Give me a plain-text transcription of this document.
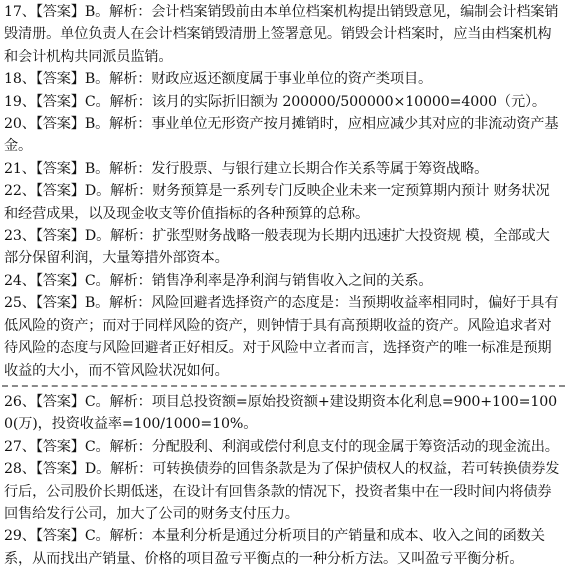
17、【答案】B。解析：会计档案销毁前由本单位档案机构提出销毁意见，编制会计档案销毁清册。单位负责人在会计档案销毁清册上签署意见。销毁会计档案时，应当由档案机构和会计机构共同派员监销。

18、【答案】B。解析：财政应返还额度属于事业单位的资产类项目。

19、【答案】C。解析：该月的实际折旧额为 200000/500000×10000=4000（元）。

20、【答案】B。解析：事业单位无形资产按月摊销时，应相应减少其对应的非流动资产基金。

21、【答案】B。解析：发行股票、与银行建立长期合作关系等属于筹资战略。

22、【答案】D。解析：财务预算是一系列专门反映企业未来一定预算期内预计 财务状况和经营成果，以及现金收支等价值指标的各种预算的总称。

23、【答案】D。解析：扩张型财务战略一般表现为长期内迅速扩大投资规 模，全部或大部分保留利润，大量筹措外部资本。

24、【答案】C。解析：销售净利率是净利润与销售收入之间的关系。

25、【答案】B。解析：风险回避者选择资产的态度是：当预期收益率相同时，偏好于具有低风险的资产；而对于同样风险的资产，则钟情于具有高预期收益的资产。风险追求者对待风险的态度与风险回避者正好相反。对于风险中立者而言，选择资产的唯一标准是预期收益的大小，而不管风险状况如何。

26、【答案】C。解析：项目总投资额=原始投资额+建设期资本化利息=900+100=1000(万)，投资收益率=100/1000=10%。

27、【答案】C。解析：分配股利、利润或偿付利息支付的现金属于筹资活动的现金流出。

28、【答案】D。解析：可转换债券的回售条款是为了保护债权人的权益，若可转换债券发行后，公司股价长期低迷，在设计有回售条款的情况下，投资者集中在一段时间内将债券回售给发行公司，加大了公司的财务支付压力。

29、【答案】C。解析：本量利分析是通过分析项目的产销量和成本、收入之间的函数关系，从而找出产销量、价格的项目盈亏平衡点的一种分析方法。又叫盈亏平衡分析。
